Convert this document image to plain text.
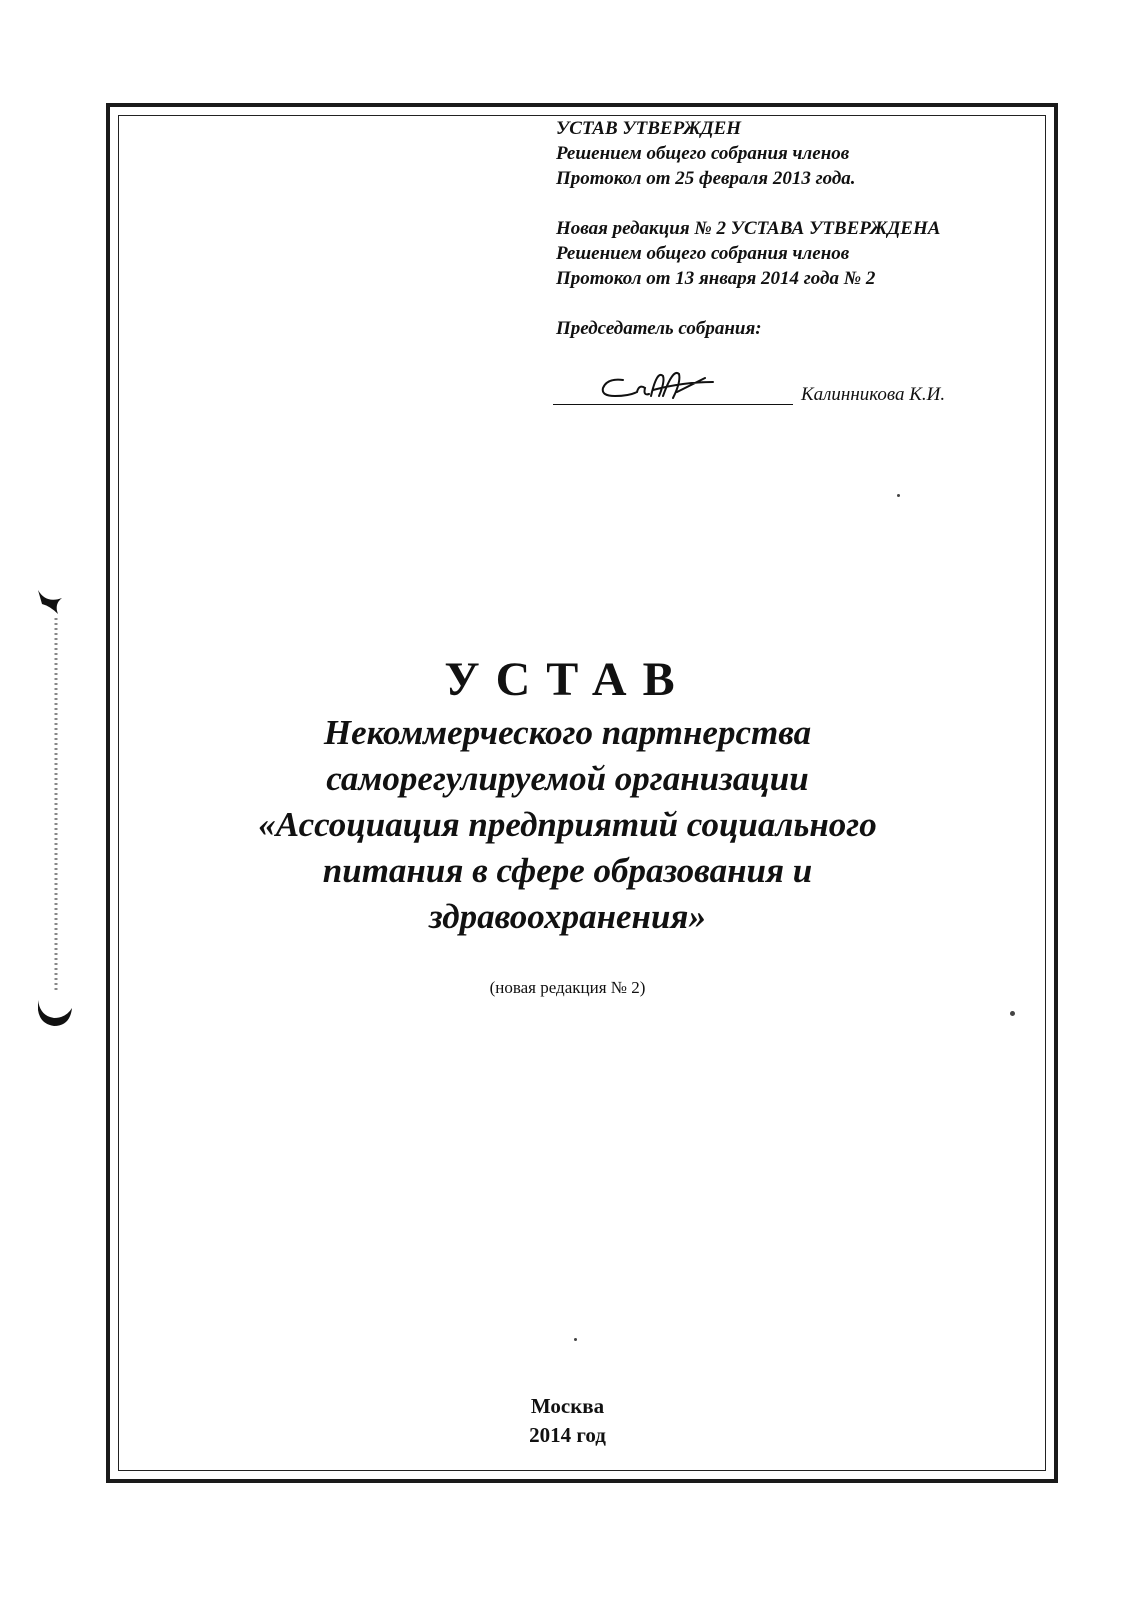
УСТАВ УТВЕРЖДЕН
Решением общего собрания членов
Протокол от 25 февраля 2013 года.
Новая редакция № 2 УСТАВА УТВЕРЖДЕНА
Решением общего собрания членов
Протокол от 13 января 2014 года № 2
Председатель собрания:
Калинникова К.И.
УСТАВ
Некоммерческого партнерства
саморегулируемой организации
«Ассоциация предприятий социального
питания в сфере образования и
здравоохранения»
(новая редакция № 2)
Москва
2014 год
